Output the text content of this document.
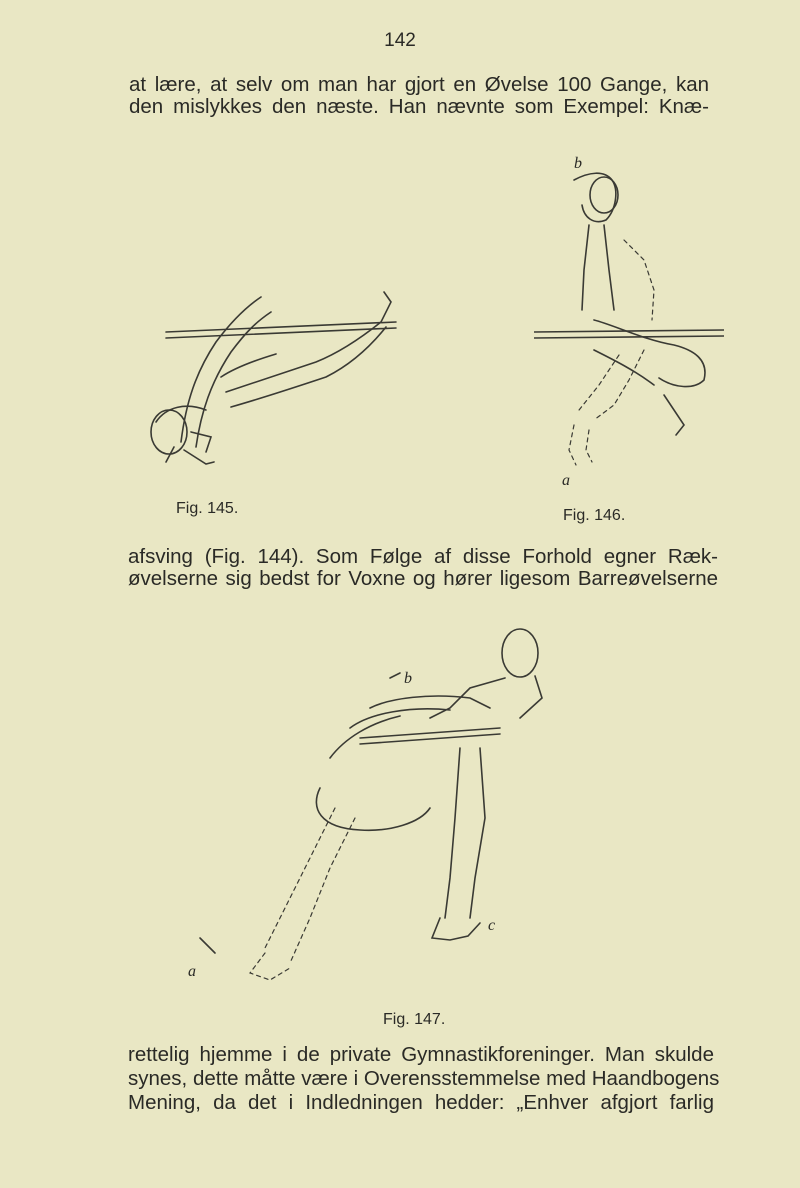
142
at lære, at selv om man har gjort en Øvelse 100 Gange, kan
den mislykkes den næste. Han nævnte som Exempel: Knæ-
Fig. 145.
b
a
Fig. 146.
afsving (Fig. 144). Som Følge af disse Forhold egner Ræk-
øvelserne sig bedst for Voxne og hører ligesom Barreøvelserne
b
c
a
Fig. 147.
rettelig hjemme i de private Gymnastikforeninger. Man skulde
synes, dette måtte være i Overensstemmelse med Haandbogens
Mening, da det i Indledningen hedder: „Enhver afgjort farlig
